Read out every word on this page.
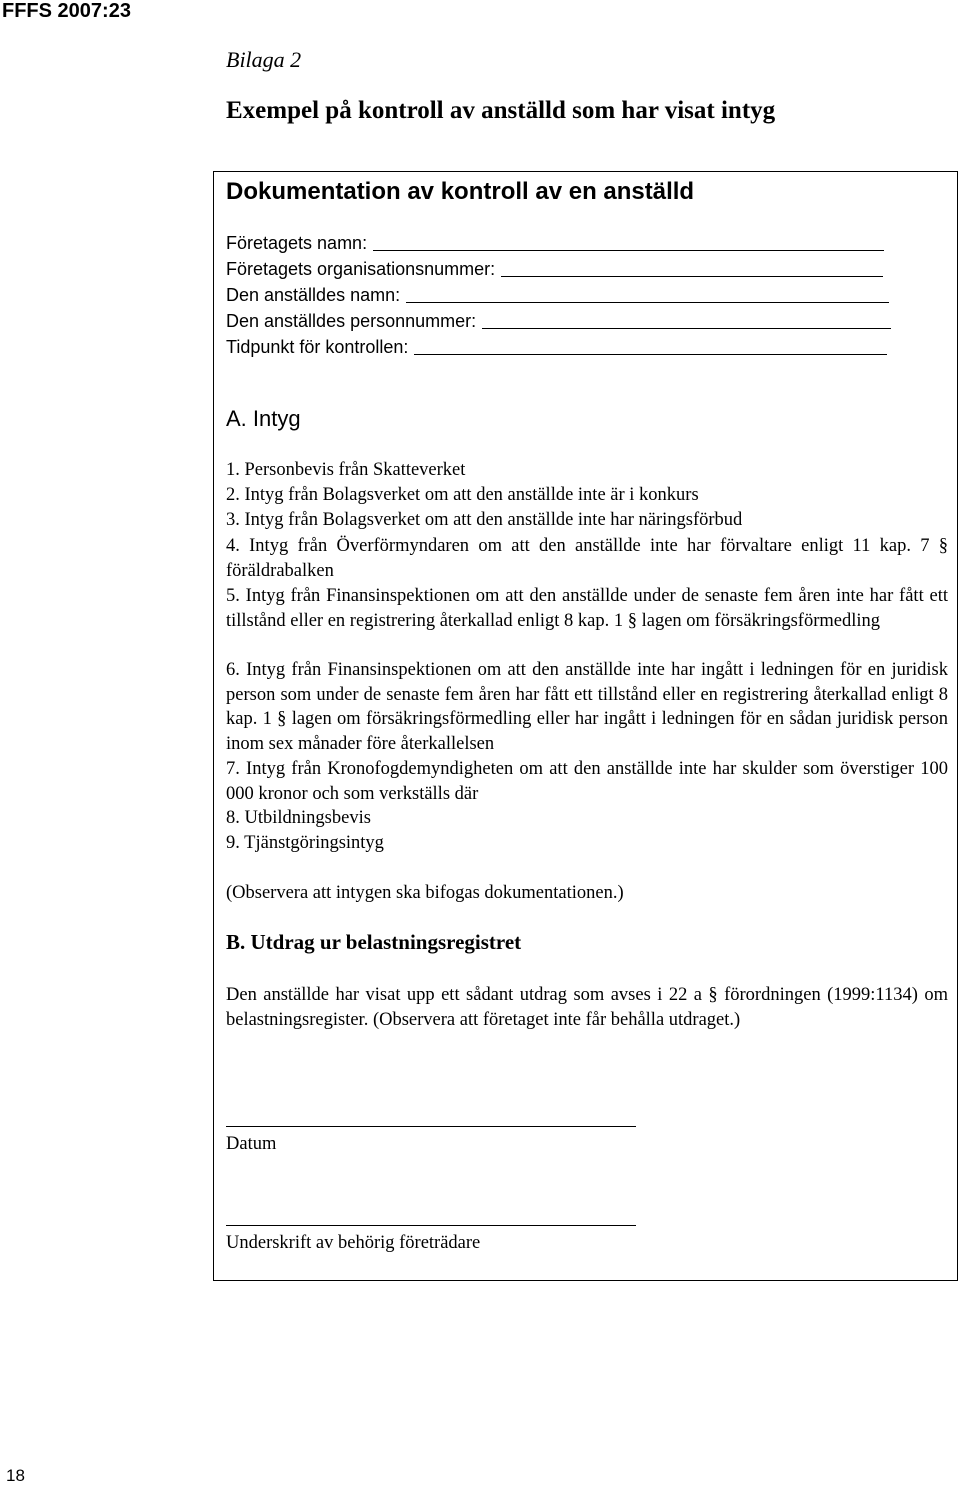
FFFS 2007:23
Bilaga 2
Exempel på kontroll av anställd som har visat intyg
Dokumentation av kontroll av en anställd
Företagets namn:
Företagets organisationsnummer:
Den anställdes namn:
Den anställdes personnummer:
Tidpunkt för kontrollen:
A. Intyg
1. Personbevis från Skatteverket
2. Intyg från Bolagsverket om att den anställde inte är i konkurs
3. Intyg från Bolagsverket om att den anställde inte har näringsförbud
4. Intyg från Överförmyndaren om att den anställde inte har förvaltare enligt 11 kap. 7 § föräldrabalken
5. Intyg från Finansinspektionen om att den anställde under de senaste fem åren inte har fått ett tillstånd eller en registrering återkallad enligt 8 kap. 1 § lagen om försäkringsförmedling
6. Intyg från Finansinspektionen om att den anställde inte har ingått i ledningen för en juridisk person som under de senaste fem åren har fått ett tillstånd eller en registrering återkallad enligt 8 kap. 1 § lagen om försäkringsförmedling eller har ingått i ledningen för en sådan juridisk person inom sex månader före återkallelsen
7. Intyg från Kronofogdemyndigheten om att den anställde inte har skulder som överstiger 100 000 kronor och som verkställs där
8. Utbildningsbevis
9. Tjänstgöringsintyg
(Observera att intygen ska bifogas dokumentationen.)
B. Utdrag ur belastningsregistret
Den anställde har visat upp ett sådant utdrag som avses i 22 a § förordningen (1999:1134) om belastningsregister. (Observera att företaget inte får behålla utdraget.)
Datum
Underskrift av behörig företrädare
18
